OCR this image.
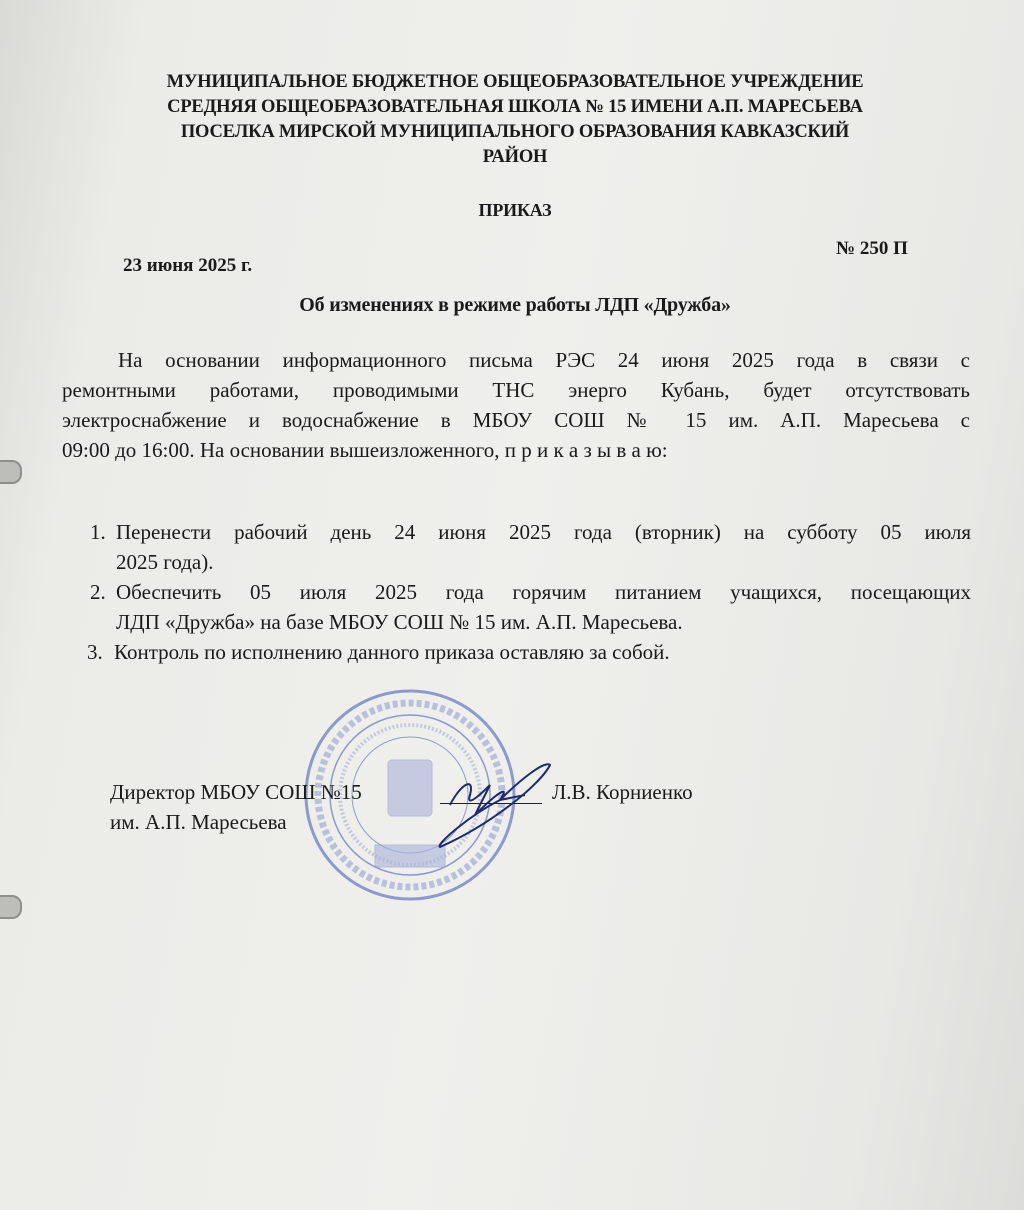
МУНИЦИПАЛЬНОЕ БЮДЖЕТНОЕ ОБЩЕОБРАЗОВАТЕЛЬНОЕ УЧРЕЖДЕНИЕ
СРЕДНЯЯ ОБЩЕОБРАЗОВАТЕЛЬНАЯ ШКОЛА № 15 ИМЕНИ А.П. МАРЕСЬЕВА
ПОСЕЛКА МИРСКОЙ МУНИЦИПАЛЬНОГО ОБРАЗОВАНИЯ КАВКАЗСКИЙ
РАЙОН
ПРИКАЗ
23 июня 2025 г.
№ 250 П
Об изменениях в режиме работы ЛДП «Дружба»
На основании информационного письма РЭС 24 июня 2025 года в связи с
ремонтными работами, проводимыми ТНС энерго Кубань, будет отсутствовать
электроснабжение и водоснабжение в МБОУ СОШ № 15 им. А.П. Маресьева с
09:00 до 16:00. На основании вышеизложенного, п р и к а з ы в а ю:
1. Перенести рабочий день 24 июня 2025 года (вторник) на субботу 05 июля
2025 года).
2. Обеспечить 05 июля 2025 года горячим питанием учащихся, посещающих
ЛДП «Дружба» на базе МБОУ СОШ № 15 им. А.П. Маресьева.
3. Контроль по исполнению данного приказа оставляю за собой.
Директор МБОУ СОШ №15
им. А.П. Маресьева
Л.В. Корниенко
